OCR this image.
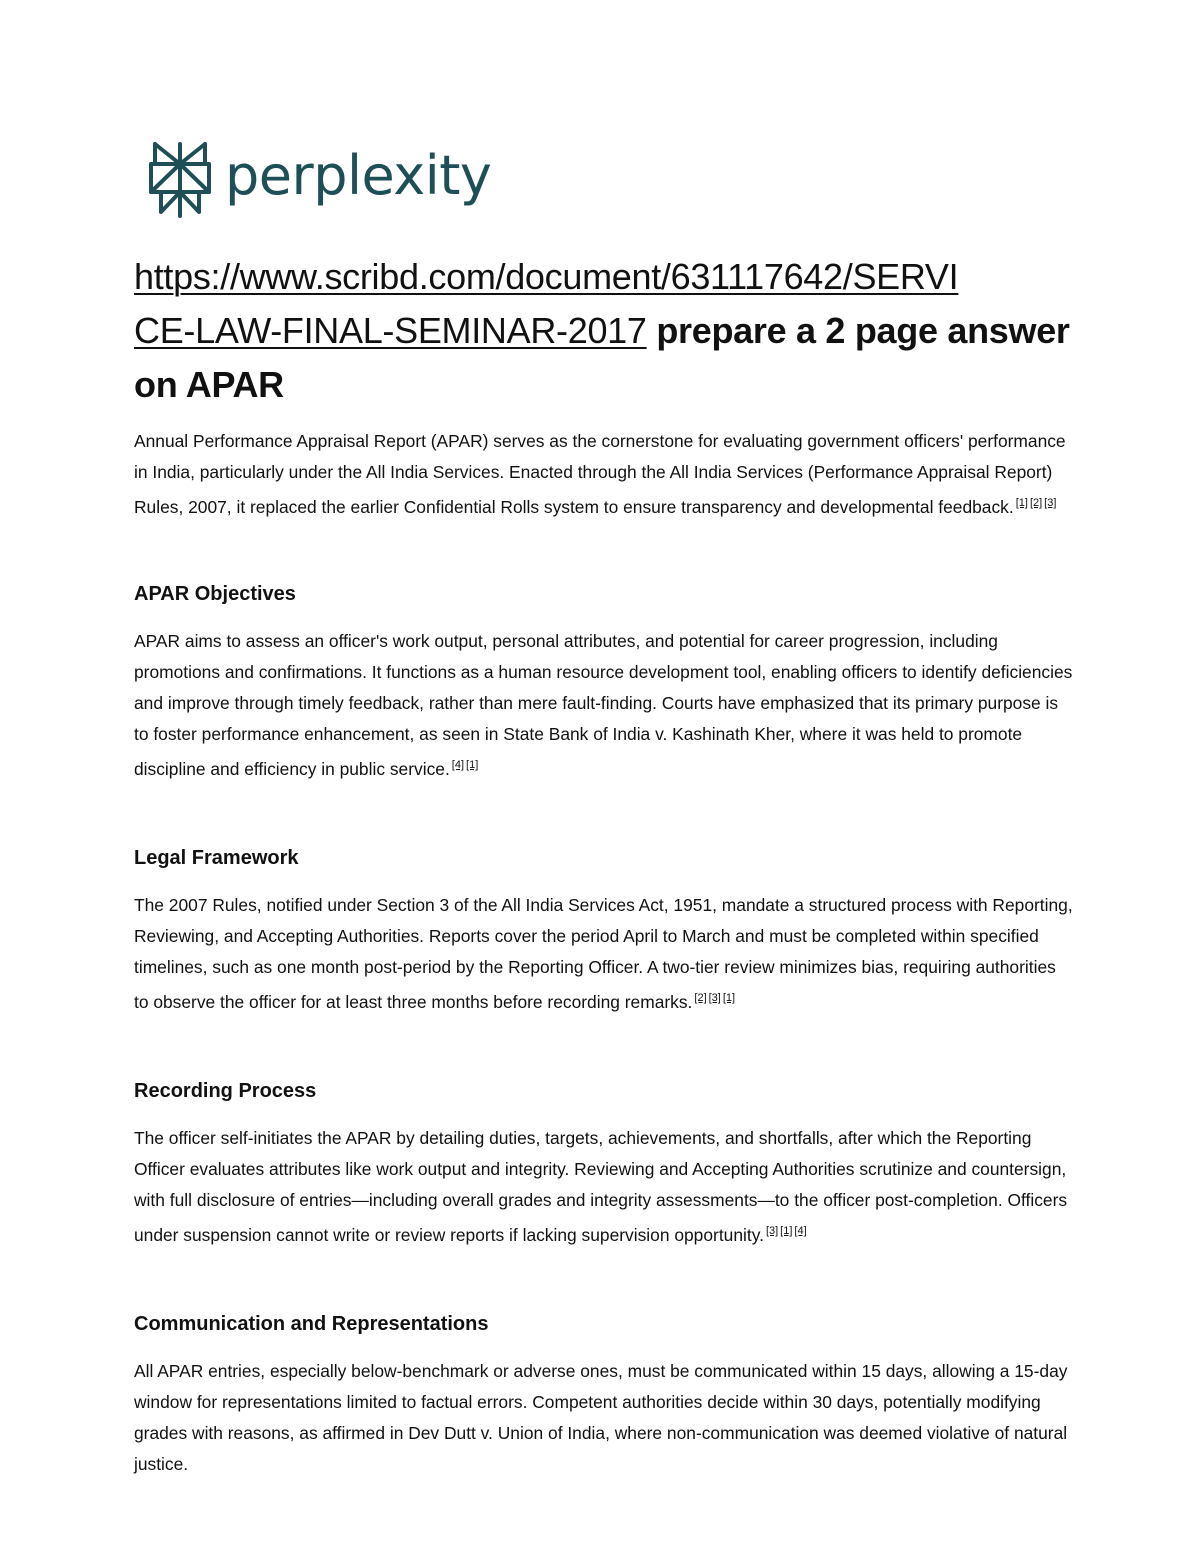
perplexity
https://www.scribd.com/document/631117642/SERVI
CE-LAW-FINAL-SEMINAR-2017 prepare a 2 page answer on APAR

Annual Performance Appraisal Report (APAR) serves as the cornerstone for evaluating government officers' performance in India, particularly under the All India Services. Enacted through the All India Services (Performance Appraisal Report) Rules, 2007, it replaced the earlier Confidential Rolls system to ensure transparency and developmental feedback. [1] [2] [3]

APAR Objectives

APAR aims to assess an officer's work output, personal attributes, and potential for career progression, including promotions and confirmations. It functions as a human resource development tool, enabling officers to identify deficiencies and improve through timely feedback, rather than mere fault-finding. Courts have emphasized that its primary purpose is to foster performance enhancement, as seen in State Bank of India v. Kashinath Kher, where it was held to promote discipline and efficiency in public service. [4] [1]

Legal Framework

The 2007 Rules, notified under Section 3 of the All India Services Act, 1951, mandate a structured process with Reporting, Reviewing, and Accepting Authorities. Reports cover the period April to March and must be completed within specified timelines, such as one month post-period by the Reporting Officer. A two-tier review minimizes bias, requiring authorities to observe the officer for at least three months before recording remarks. [2] [3] [1]

Recording Process

The officer self-initiates the APAR by detailing duties, targets, achievements, and shortfalls, after which the Reporting Officer evaluates attributes like work output and integrity. Reviewing and Accepting Authorities scrutinize and countersign, with full disclosure of entries—including overall grades and integrity assessments—to the officer post-completion. Officers under suspension cannot write or review reports if lacking supervision opportunity. [3] [1] [4]

Communication and Representations

All APAR entries, especially below-benchmark or adverse ones, must be communicated within 15 days, allowing a 15-day window for representations limited to factual errors. Competent authorities decide within 30 days, potentially modifying grades with reasons, as affirmed in Dev Dutt v. Union of India, where non-communication was deemed violative of natural justice.
